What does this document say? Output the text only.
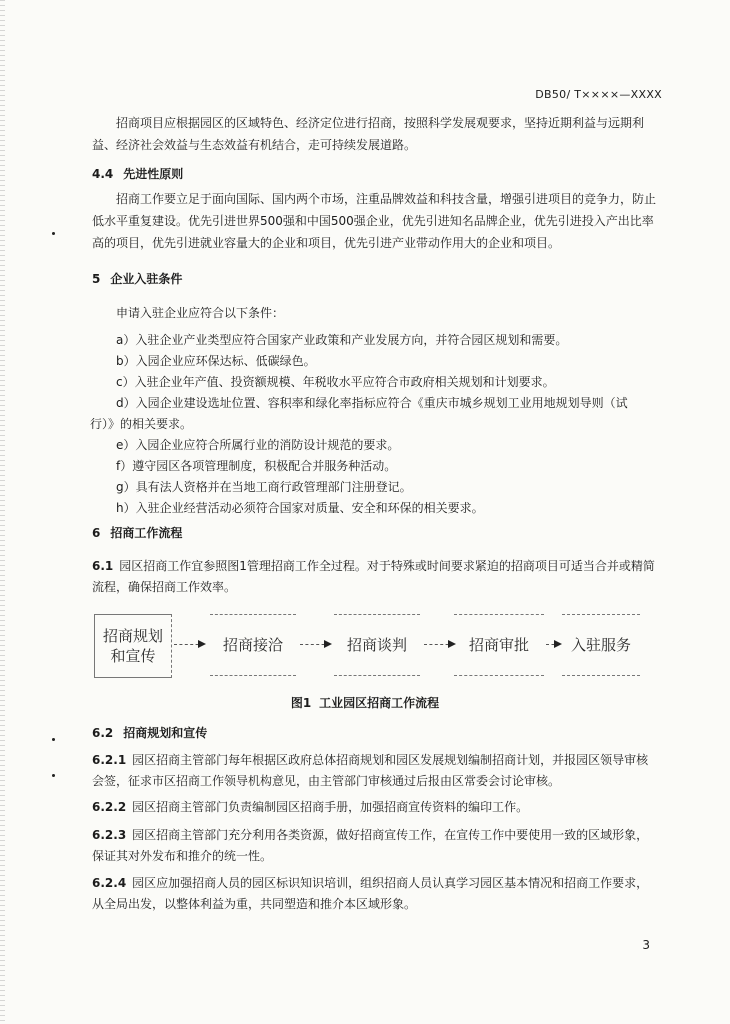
DB50/ T××××—XXXX
招商项目应根据园区的区域特色、经济定位进行招商，按照科学发展观要求，坚持近期利益与远期利益、经济社会效益与生态效益有机结合，走可持续发展道路。
4.4 先进性原则
招商工作要立足于面向国际、国内两个市场，注重品牌效益和科技含量，增强引进项目的竞争力，防止低水平重复建设。优先引进世界500强和中国500强企业，优先引进知名品牌企业，优先引进投入产出比率高的项目，优先引进就业容量大的企业和项目，优先引进产业带动作用大的企业和项目。
5 企业入驻条件
申请入驻企业应符合以下条件：
a）入驻企业产业类型应符合国家产业政策和产业发展方向，并符合园区规划和需要。
b）入园企业应环保达标、低碳绿色。
c）入驻企业年产值、投资额规模、年税收水平应符合市政府相关规划和计划要求。
d）入园企业建设选址位置、容积率和绿化率指标应符合《重庆市城乡规划工业用地规划导则（试
行）》的相关要求。
e）入园企业应符合所属行业的消防设计规范的要求。
f）遵守园区各项管理制度，积极配合并服务种活动。
g）具有法人资格并在当地工商行政管理部门注册登记。
h）入驻企业经营活动必须符合国家对质量、安全和环保的相关要求。
6 招商工作流程
6.1 园区招商工作宜参照图1管理招商工作全过程。对于特殊或时间要求紧迫的招商项目可适当合并或精简流程，确保招商工作效率。
招商规划
和宣传
招商接洽	招商谈判	招商审批	入驻服务
图1 工业园区招商工作流程
6.2 招商规划和宣传
6.2.1 园区招商主管部门每年根据区政府总体招商规划和园区发展规划编制招商计划，并报园区领导审核会签，征求市区招商工作领导机构意见，由主管部门审核通过后报由区常委会讨论审核。
6.2.2 园区招商主管部门负责编制园区招商手册，加强招商宣传资料的编印工作。
6.2.3 园区招商主管部门充分利用各类资源，做好招商宣传工作，在宣传工作中要使用一致的区域形象，保证其对外发布和推介的统一性。
6.2.4 园区应加强招商人员的园区标识知识培训，组织招商人员认真学习园区基本情况和招商工作要求，从全局出发，以整体利益为重，共同塑造和推介本区域形象。
3
